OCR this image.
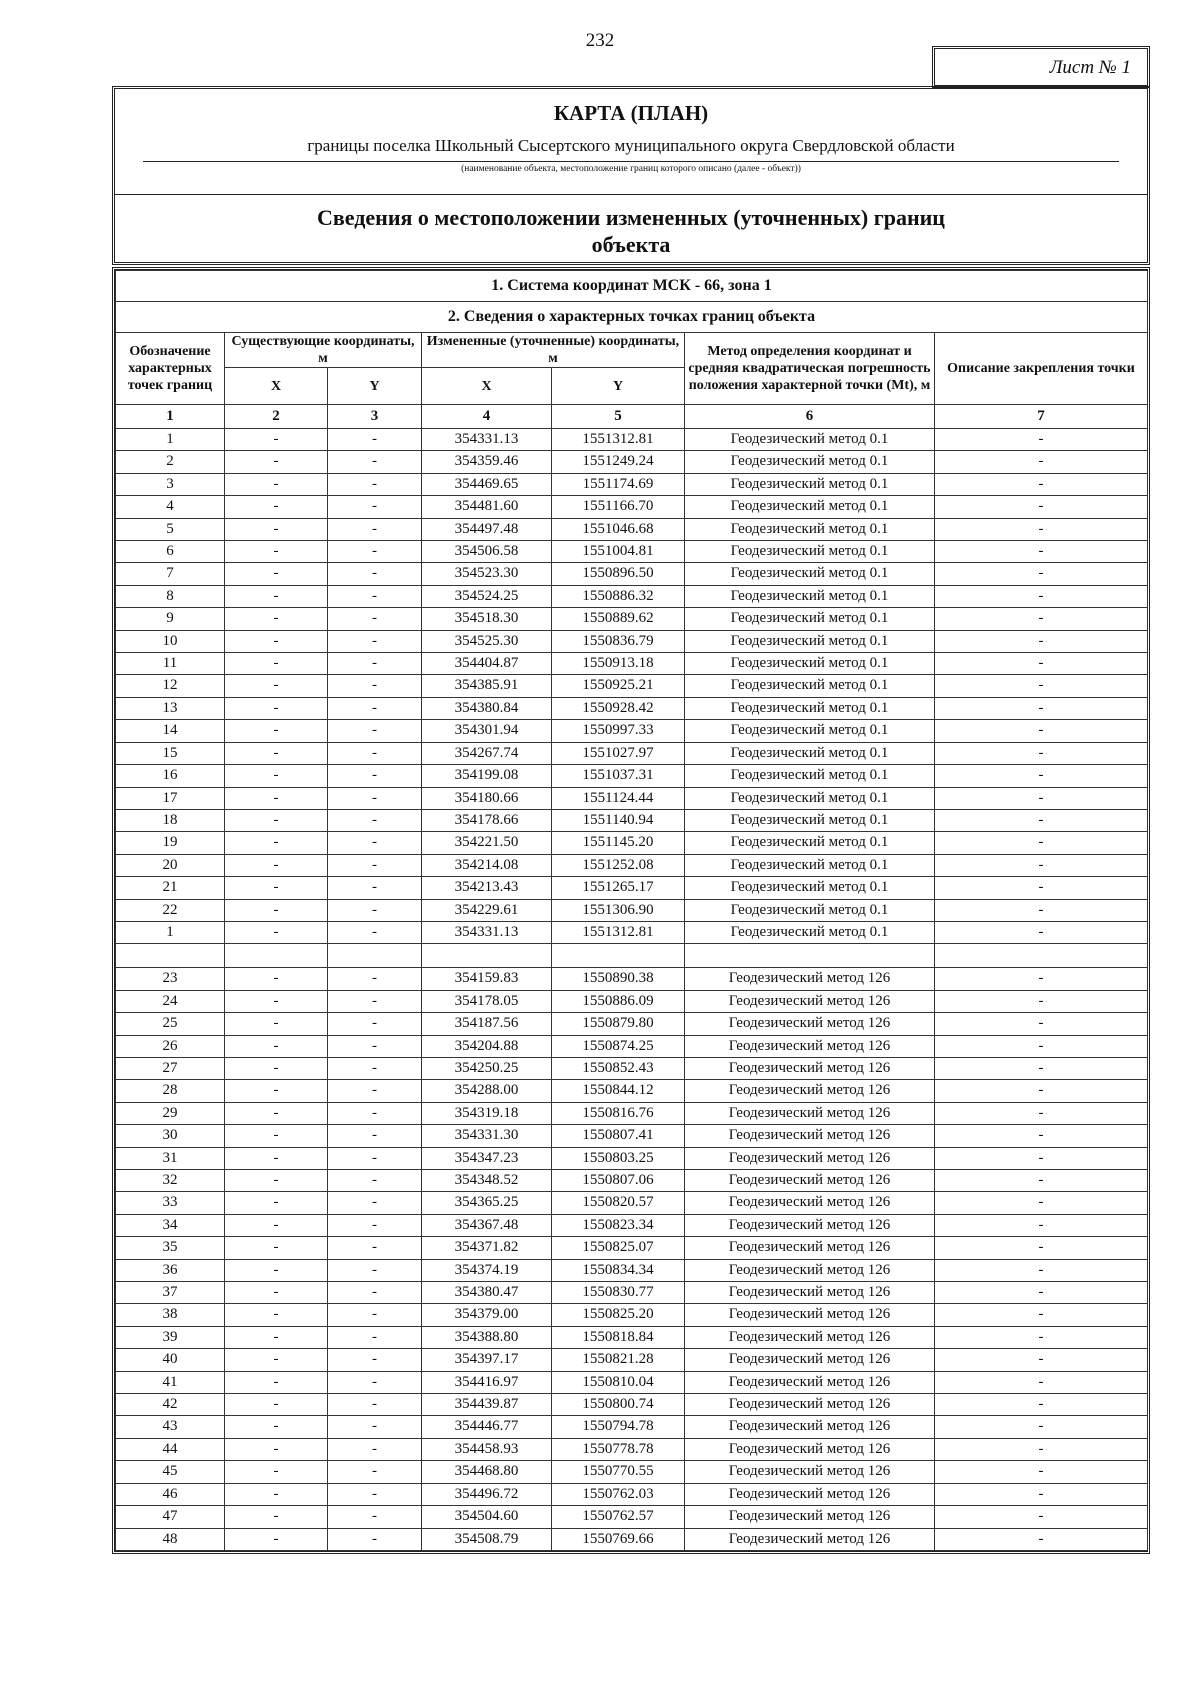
232
Лист № 1
КАРТА (ПЛАН)
границы поселка Школьный Сысертского муниципального округа Свердловской области
(наименование объекта, местоположение границ которого описано (далее - объект))
Сведения о местоположении измененных (уточненных) границ
объекта
1. Система координат МСК - 66, зона 1						
2. Сведения о характерных точках границ объекта						
Обозначение характерных точек границ	Существующие координаты, м		Измененные (уточненные) координаты, м		Метод определения координат и средняя квадратическая погрешность положения характерной точки (Mt), м	Описание закрепления точки
	X	Y	X	Y		
1	2	3	4	5	6	7
1	-	-	354331.13	1551312.81	Геодезический метод 0.1	-
2	-	-	354359.46	1551249.24	Геодезический метод 0.1	-
3	-	-	354469.65	1551174.69	Геодезический метод 0.1	-
4	-	-	354481.60	1551166.70	Геодезический метод 0.1	-
5	-	-	354497.48	1551046.68	Геодезический метод 0.1	-
6	-	-	354506.58	1551004.81	Геодезический метод 0.1	-
7	-	-	354523.30	1550896.50	Геодезический метод 0.1	-
8	-	-	354524.25	1550886.32	Геодезический метод 0.1	-
9	-	-	354518.30	1550889.62	Геодезический метод 0.1	-
10	-	-	354525.30	1550836.79	Геодезический метод 0.1	-
11	-	-	354404.87	1550913.18	Геодезический метод 0.1	-
12	-	-	354385.91	1550925.21	Геодезический метод 0.1	-
13	-	-	354380.84	1550928.42	Геодезический метод 0.1	-
14	-	-	354301.94	1550997.33	Геодезический метод 0.1	-
15	-	-	354267.74	1551027.97	Геодезический метод 0.1	-
16	-	-	354199.08	1551037.31	Геодезический метод 0.1	-
17	-	-	354180.66	1551124.44	Геодезический метод 0.1	-
18	-	-	354178.66	1551140.94	Геодезический метод 0.1	-
19	-	-	354221.50	1551145.20	Геодезический метод 0.1	-
20	-	-	354214.08	1551252.08	Геодезический метод 0.1	-
21	-	-	354213.43	1551265.17	Геодезический метод 0.1	-
22	-	-	354229.61	1551306.90	Геодезический метод 0.1	-
1	-	-	354331.13	1551312.81	Геодезический метод 0.1	-

23	-	-	354159.83	1550890.38	Геодезический метод 126	-
24	-	-	354178.05	1550886.09	Геодезический метод 126	-
25	-	-	354187.56	1550879.80	Геодезический метод 126	-
26	-	-	354204.88	1550874.25	Геодезический метод 126	-
27	-	-	354250.25	1550852.43	Геодезический метод 126	-
28	-	-	354288.00	1550844.12	Геодезический метод 126	-
29	-	-	354319.18	1550816.76	Геодезический метод 126	-
30	-	-	354331.30	1550807.41	Геодезический метод 126	-
31	-	-	354347.23	1550803.25	Геодезический метод 126	-
32	-	-	354348.52	1550807.06	Геодезический метод 126	-
33	-	-	354365.25	1550820.57	Геодезический метод 126	-
34	-	-	354367.48	1550823.34	Геодезический метод 126	-
35	-	-	354371.82	1550825.07	Геодезический метод 126	-
36	-	-	354374.19	1550834.34	Геодезический метод 126	-
37	-	-	354380.47	1550830.77	Геодезический метод 126	-
38	-	-	354379.00	1550825.20	Геодезический метод 126	-
39	-	-	354388.80	1550818.84	Геодезический метод 126	-
40	-	-	354397.17	1550821.28	Геодезический метод 126	-
41	-	-	354416.97	1550810.04	Геодезический метод 126	-
42	-	-	354439.87	1550800.74	Геодезический метод 126	-
43	-	-	354446.77	1550794.78	Геодезический метод 126	-
44	-	-	354458.93	1550778.78	Геодезический метод 126	-
45	-	-	354468.80	1550770.55	Геодезический метод 126	-
46	-	-	354496.72	1550762.03	Геодезический метод 126	-
47	-	-	354504.60	1550762.57	Геодезический метод 126	-
48	-	-	354508.79	1550769.66	Геодезический метод 126	-
